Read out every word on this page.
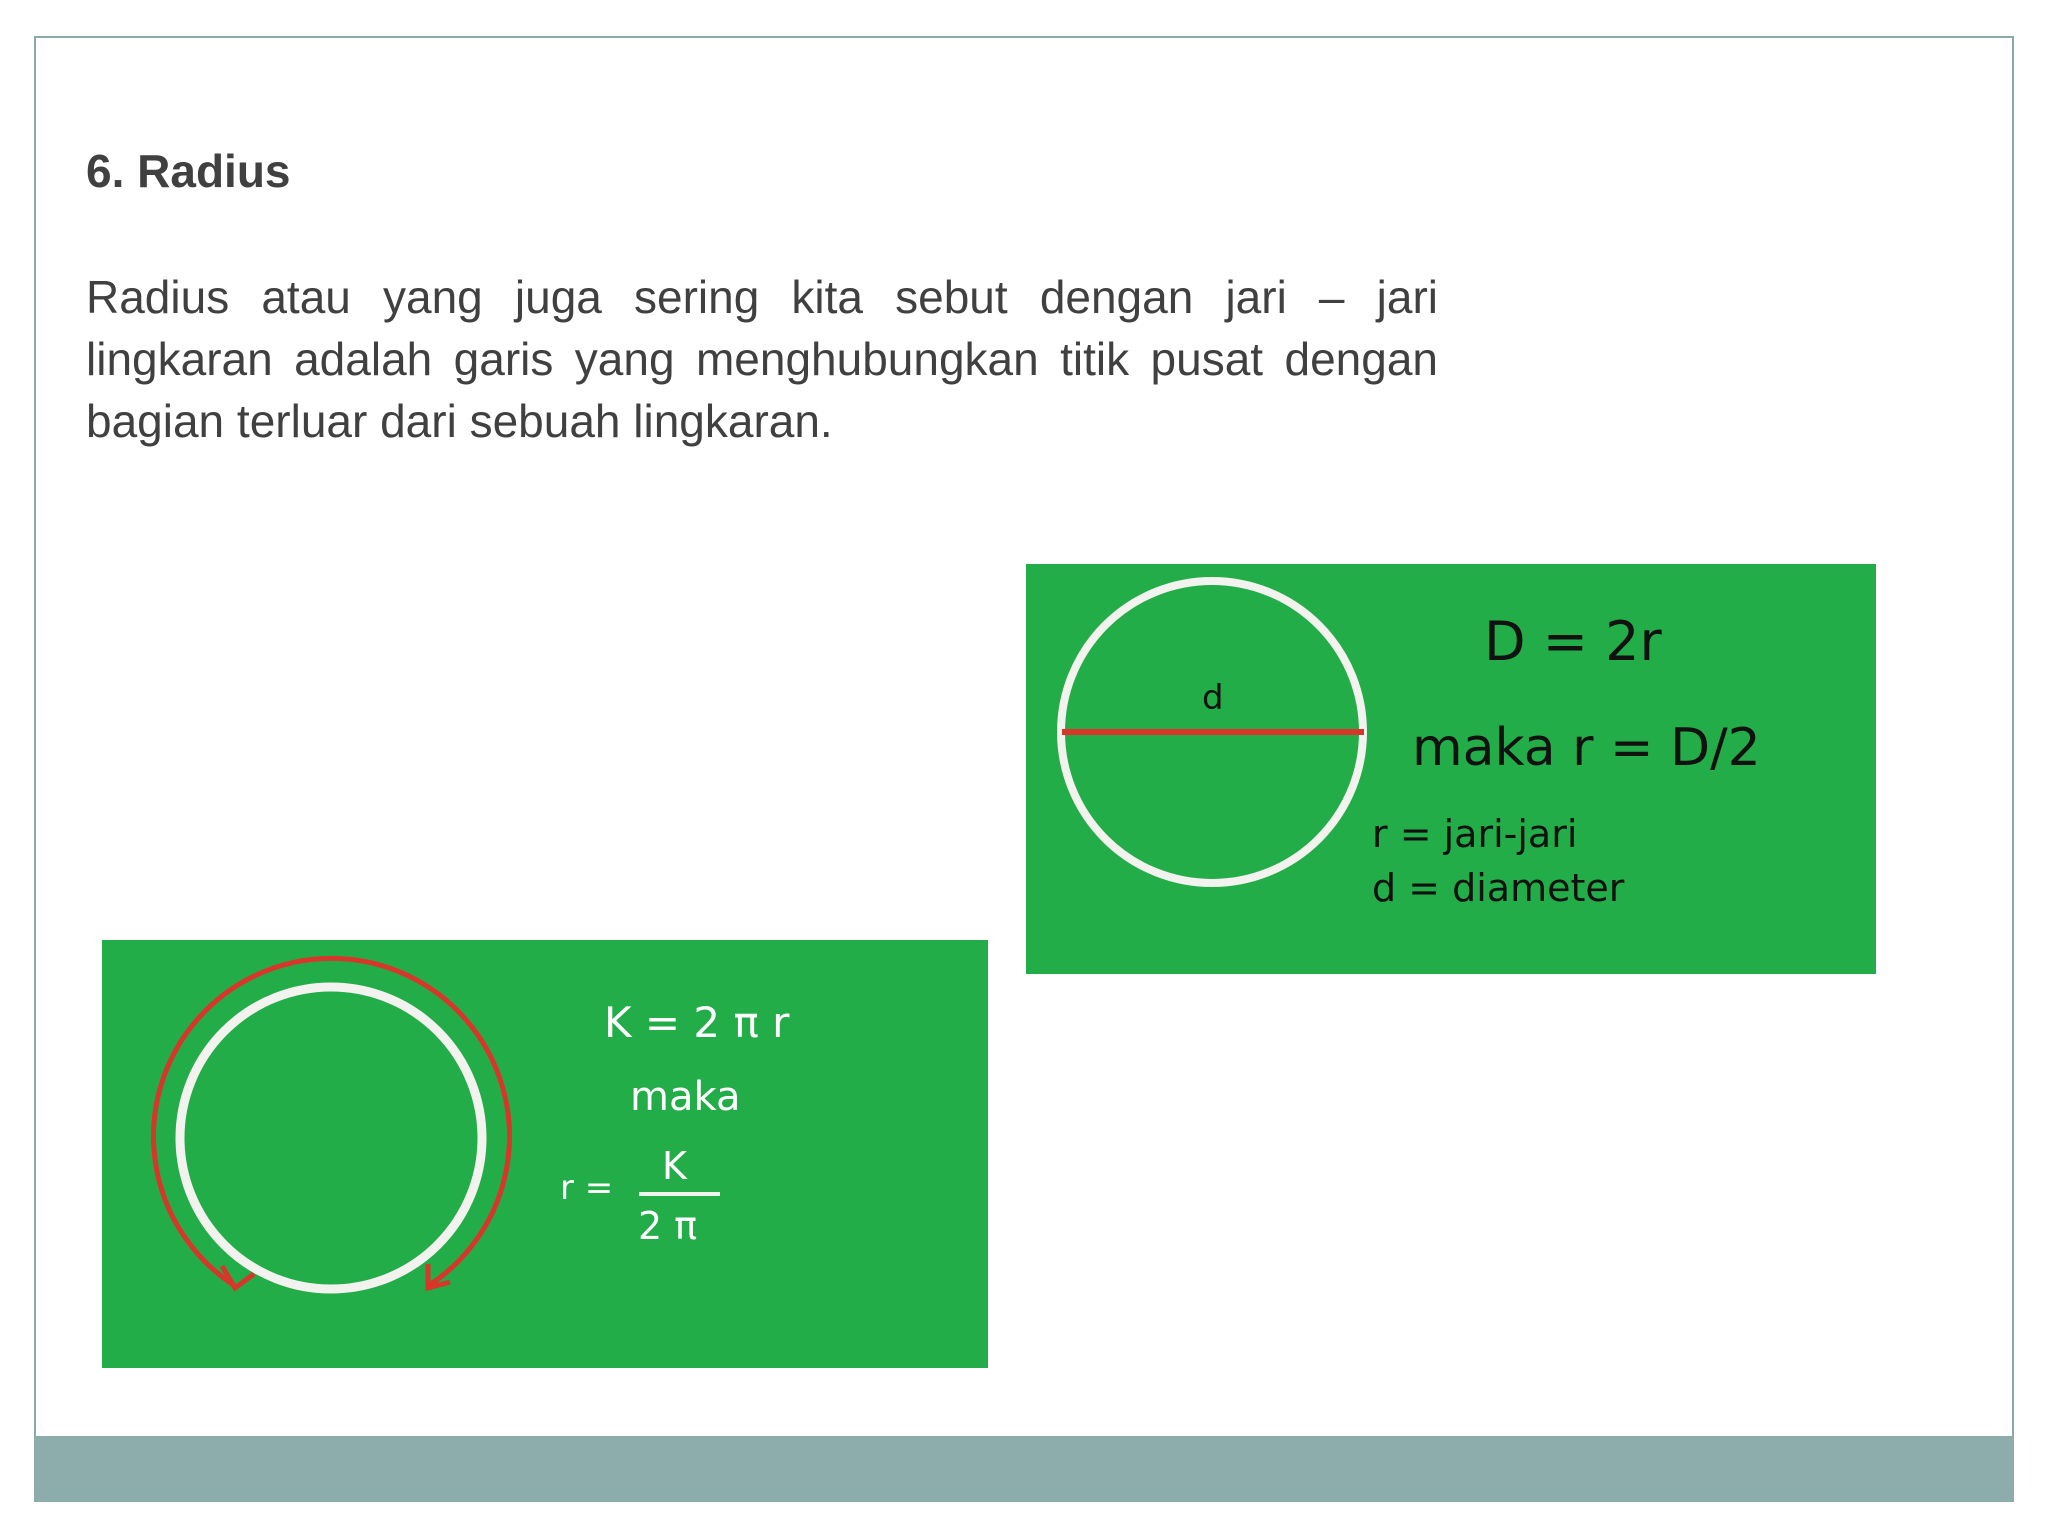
6. Radius

Radius atau yang juga sering kita sebut dengan jari – jari lingkaran adalah garis yang menghubungkan titik pusat dengan bagian terluar dari sebuah lingkaran.

d
D = 2r
maka r = D/2
r = jari-jari
d = diameter
K = 2 π r
maka
r = K
2 π
